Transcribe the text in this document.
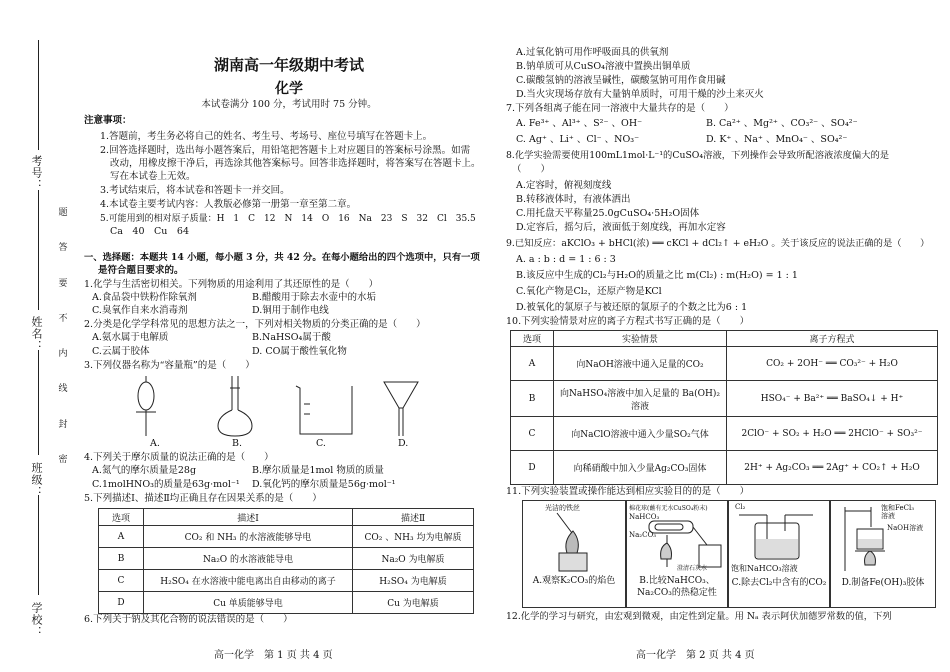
考号：
姓名：
班级：
学校：
题
答
要
不
内
线
封
密
湖南高一年级期中考试
化学
本试卷满分 100 分，考试用时 75 分钟。
注意事项：
1.答题前，考生务必将自己的姓名、考生号、考场号、座位号填写在答题卡上。
2.回答选择题时，选出每小题答案后，用铅笔把答题卡上对应题目的答案标号涂黑。如需
改动，用橡皮擦干净后，再选涂其他答案标号。回答非选择题时，将答案写在答题卡上。
写在本试卷上无效。
3.考试结束后，将本试卷和答题卡一并交回。
4.本试卷主要考试内容：人教版必修第一册第一章至第二章。
5.可能用到的相对原子质量：H　1　C　12　N　14　O　16　Na　23　S　32　Cl　35.5
Ca　40　Cu　64
一、选择题：本题共 14 小题，每小题 3 分，共 42 分。在每小题给出的四个选项中，只有一项
是符合题目要求的。
1.化学与生活密切相关。下列物质的用途利用了其还原性的是（　　）
A.食品袋中铁粉作除氧剂	B.醋酸用于除去水壶中的水垢
C.臭氧作自来水消毒剂	D.铜用于制作电线
2.分类是化学学科常见的思想方法之一，下列对相关物质的分类正确的是（　　）
A.氨水属于电解质	B.NaHSO₄属于酸
C.云属于胶体	D. CO属于酸性氧化物
3.下列仪器名称为“容量瓶”的是（　　）
A.	B.	C.	D.
4.下列关于摩尔质量的说法正确的是（　　）
A.氮气的摩尔质量是28g	B.摩尔质量是1mol 物质的质量
C.1molHNO₃的质量是63g·mol⁻¹ D.氧化钙的摩尔质量是56g·mol⁻¹
5.下列描述Ⅰ、描述Ⅱ均正确且存在因果关系的是（　　）
选项	描述Ⅰ	描述Ⅱ
A	CO₂ 和 NH₃ 的水溶液能够导电	CO₂ 、NH₃ 均为电解质
B	Na₂O 的水溶液能导电	Na₂O 为电解质
C	H₂SO₄ 在水溶液中能电离出自由移动的离子	H₂SO₄ 为电解质
D	Cu 单质能够导电	Cu 为电解质
6.下列关于钠及其化合物的说法错误的是（　　）
高一化学　第 1 页 共 4 页
A.过氧化钠可用作呼吸面具的供氧剂
B.钠单质可从CuSO₄溶液中置换出铜单质
C.碳酸氢钠的溶液呈碱性，碳酸氢钠可用作食用碱
D.当火灾现场存放有大量钠单质时，可用干燥的沙土来灭火
7.下列各组离子能在同一溶液中大量共存的是（　　）
A. Fe³⁺ 、Al³⁺ 、S²⁻ 、OH⁻	B. Ca²⁺ 、Mg²⁺ 、CO₃²⁻ 、SO₄²⁻
C. Ag⁺ 、Li⁺ 、Cl⁻ 、NO₃⁻	D. K⁺ 、Na⁺ 、MnO₄⁻ 、SO₄²⁻
8.化学实验需要使用100mL1mol·L⁻¹的CuSO₄溶液，下列操作会导致所配溶液浓度偏大的是
（　　）
A.定容时，俯视刻度线
B.转移液体时，有液体洒出
C.用托盘天平称量25.0gCuSO₄·5H₂O固体
D.定容后，摇匀后，液面低于刻度线，再加水定容
9.已知反应：aKClO₃ + bHCl(浓) ══ cKCl + dCl₂↑ + eH₂O 。关于该反应的说法正确的是（　　）
A. a : b : d = 1 : 6 : 3
B.该反应中生成的Cl₂与H₂O的质量之比 m(Cl₂) : m(H₂O) = 1 : 1
C.氧化产物是Cl₂，还原产物是KCl
D.被氧化的氯原子与被还原的氯原子的个数之比为6 : 1
10.下列实验情景对应的离子方程式书写正确的是（　　）
选项	实验情景	离子方程式
A	向NaOH溶液中通入足量的CO₂	CO₂ + 2OH⁻ ══ CO₃²⁻ + H₂O
B	向NaHSO₄溶液中加入足量的 Ba(OH)₂ 溶液	HSO₄⁻ + Ba²⁺ ══ BaSO₄↓ + H⁺
C	向NaClO溶液中通入少量SO₂气体	2ClO⁻ + SO₂ + H₂O ══ 2HClO⁻ + SO₃²⁻
D	向稀硝酸中加入少量Ag₂CO₃固体	2H⁺ + Ag₂CO₃ ══ 2Ag⁺ + CO₂↑ + H₂O
11.下列实验装置或操作能达到相应实验目的的是（　　）
光洁的铁丝
A.观察K₂CO₃的焰色
棉花球(蘸有无水CuSO₄粉末)
NaHCO₃
Na₂CO₃
澄清石灰水
B.比较NaHCO₃、Na₂CO₃的热稳定性
Cl₂
饱和NaHCO₃溶液
C.除去Cl₂中含有的CO₂
饱和FeCl₃
溶液
NaOH溶液
D.制备Fe(OH)₃胶体
12.化学的学习与研究，由宏观到微观，由定性到定量。用 Nₐ 表示阿伏加德罗常数的值，下列
高一化学　第 2 页 共 4 页
